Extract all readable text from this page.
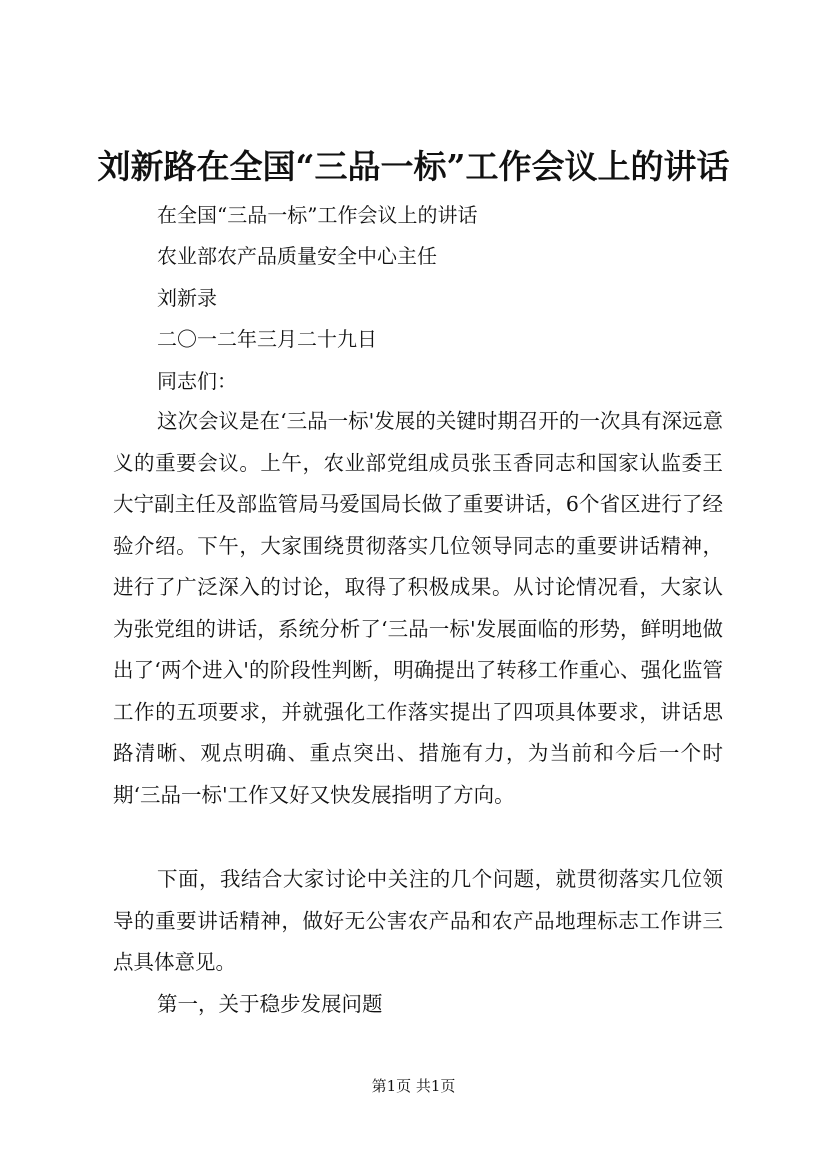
刘新路在全国“三品一标”工作会议上的讲话
在全国“三品一标”工作会议上的讲话
农业部农产品质量安全中心主任
刘新录
二〇一二年三月二十九日
同志们：

这次会议是在‘三品一标'发展的关键时期召开的一次具有深远意义的重要会议。上午，农业部党组成员张玉香同志和国家认监委王大宁副主任及部监管局马爱国局长做了重要讲话，6个省区进行了经验介绍。下午，大家围绕贯彻落实几位领导同志的重要讲话精神，进行了广泛深入的讨论，取得了积极成果。从讨论情况看，大家认为张党组的讲话，系统分析了‘三品一标'发展面临的形势，鲜明地做出了‘两个进入'的阶段性判断，明确提出了转移工作重心、强化监管工作的五项要求，并就强化工作落实提出了四项具体要求，讲话思路清晰、观点明确、重点突出、措施有力，为当前和今后一个时期‘三品一标'工作又好又快发展指明了方向。

下面，我结合大家讨论中关注的几个问题，就贯彻落实几位领导的重要讲话精神，做好无公害农产品和农产品地理标志工作讲三点具体意见。

第一，关于稳步发展问题

第1页 共1页
